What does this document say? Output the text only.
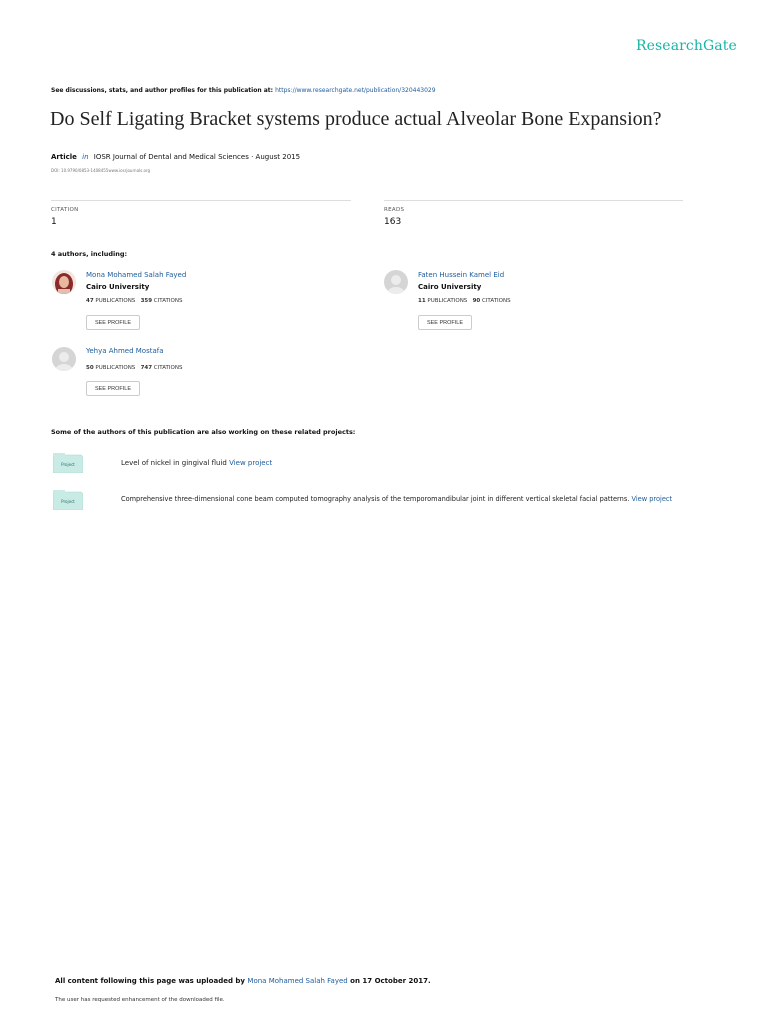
ResearchGate
See discussions, stats, and author profiles for this publication at: https://www.researchgate.net/publication/320443029
Do Self Ligating Bracket systems produce actual Alveolar Bone Expansion?
Article in IOSR Journal of Dental and Medical Sciences · August 2015
DOI: 10.9790/0853-1408455www.iosrjournals.org
CITATION
1
READS
163
4 authors, including:
Mona Mohamed Salah Fayed
Cairo University
47 PUBLICATIONS 359 CITATIONS
SEE PROFILE
Faten Hussein Kamel Eid
Cairo University
11 PUBLICATIONS 90 CITATIONS
SEE PROFILE
Yehya Ahmed Mostafa
50 PUBLICATIONS 747 CITATIONS
SEE PROFILE
Some of the authors of this publication are also working on these related projects:
Project	Level of nickel in gingival fluid View project
Project	Comprehensive three-dimensional cone beam computed tomography analysis of the temporomandibular joint in different vertical skeletal facial patterns. View project
All content following this page was uploaded by Mona Mohamed Salah Fayed on 17 October 2017.
The user has requested enhancement of the downloaded file.
